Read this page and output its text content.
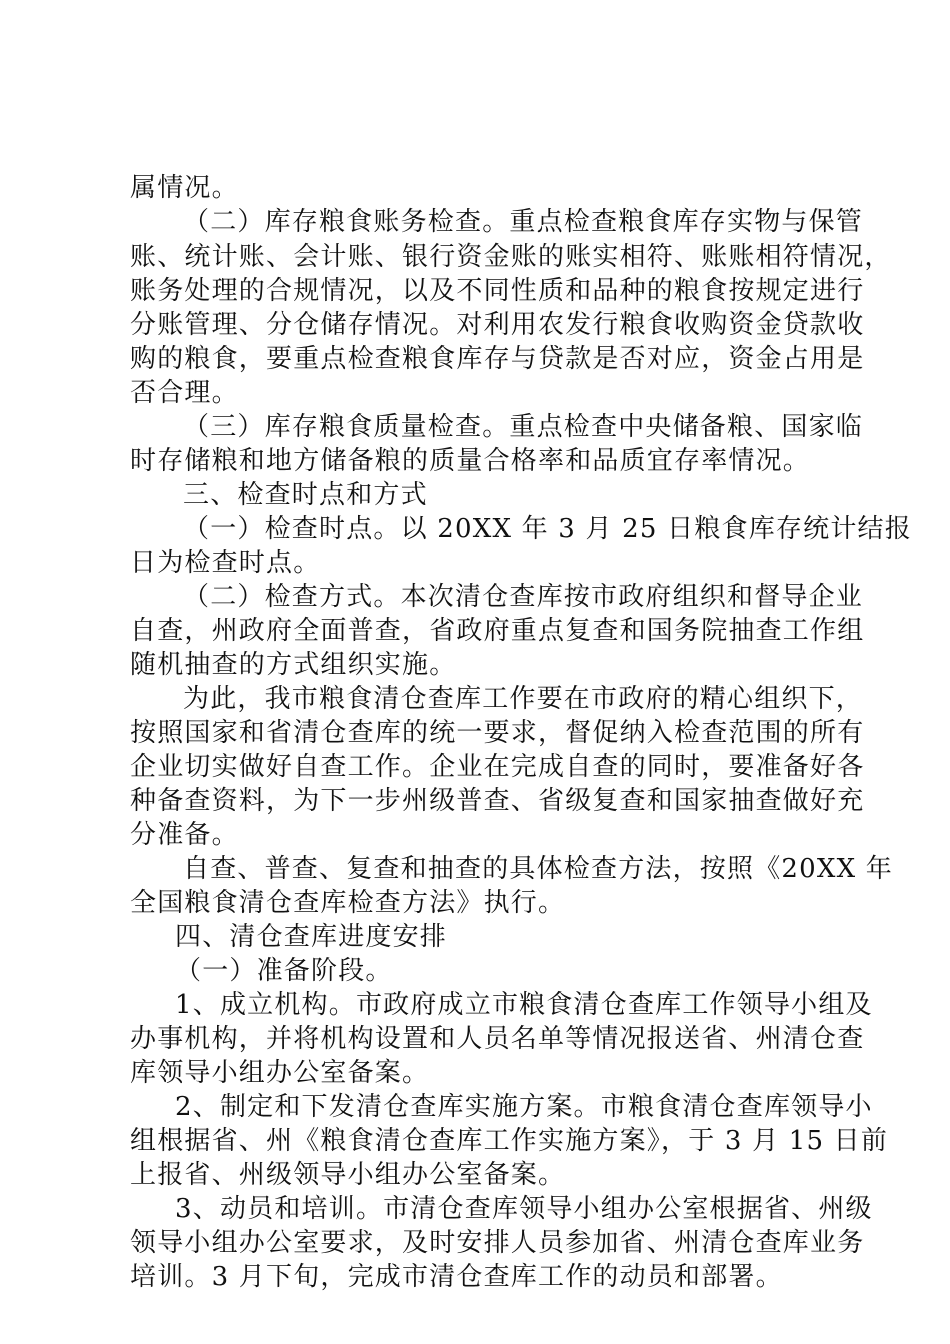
属情况。
（二）库存粮食账务检查。重点检查粮食库存实物与保管
账、统计账、会计账、银行资金账的账实相符、账账相符情况，
账务处理的合规情况，以及不同性质和品种的粮食按规定进行
分账管理、分仓储存情况。对利用农发行粮食收购资金贷款收
购的粮食，要重点检查粮食库存与贷款是否对应，资金占用是
否合理。
（三）库存粮食质量检查。重点检查中央储备粮、国家临
时存储粮和地方储备粮的质量合格率和品质宜存率情况。
三、检查时点和方式
（一）检查时点。以 20XX 年 3 月 25 日粮食库存统计结报
日为检查时点。
（二）检查方式。本次清仓查库按市政府组织和督导企业
自查，州政府全面普查，省政府重点复查和国务院抽查工作组
随机抽查的方式组织实施。
为此，我市粮食清仓查库工作要在市政府的精心组织下，
按照国家和省清仓查库的统一要求，督促纳入检查范围的所有
企业切实做好自查工作。企业在完成自查的同时，要准备好各
种备查资料，为下一步州级普查、省级复查和国家抽查做好充
分准备。
自查、普查、复查和抽查的具体检查方法，按照《20XX 年
全国粮食清仓查库检查方法》执行。
四、清仓查库进度安排
（一）准备阶段。
1、成立机构。市政府成立市粮食清仓查库工作领导小组及
办事机构，并将机构设置和人员名单等情况报送省、州清仓查
库领导小组办公室备案。
2、制定和下发清仓查库实施方案。市粮食清仓查库领导小
组根据省、州《粮食清仓查库工作实施方案》，于 3 月 15 日前
上报省、州级领导小组办公室备案。
3、动员和培训。市清仓查库领导小组办公室根据省、州级
领导小组办公室要求，及时安排人员参加省、州清仓查库业务
培训。3 月下旬，完成市清仓查库工作的动员和部署。
